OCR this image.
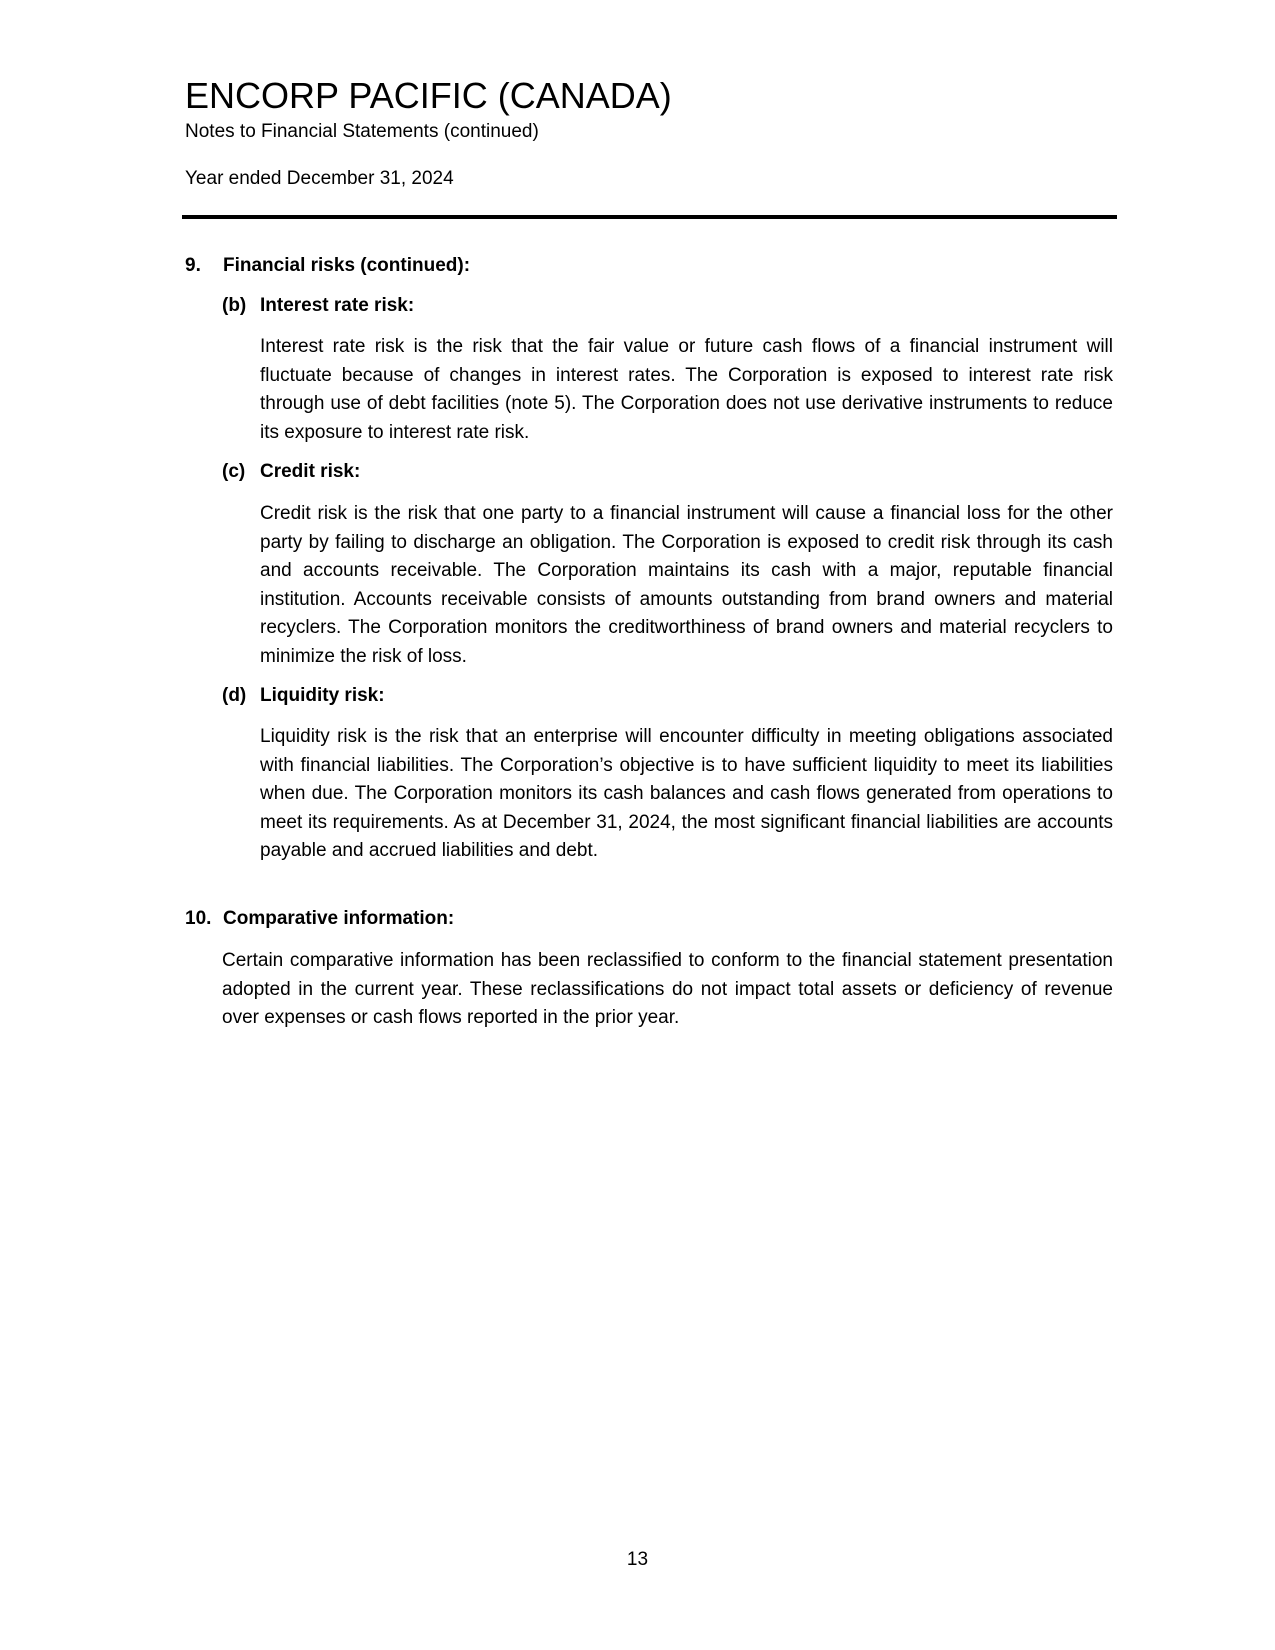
ENCORP PACIFIC (CANADA)

Notes to Financial Statements (continued)

Year ended December 31, 2024

9. Financial risks (continued):
(b) Interest rate risk:

Interest rate risk is the risk that the fair value or future cash flows of a financial instrument will fluctuate because of changes in interest rates. The Corporation is exposed to interest rate risk through use of debt facilities (note 5). The Corporation does not use derivative instruments to reduce its exposure to interest rate risk.

(c) Credit risk:

Credit risk is the risk that one party to a financial instrument will cause a financial loss for the other party by failing to discharge an obligation. The Corporation is exposed to credit risk through its cash and accounts receivable. The Corporation maintains its cash with a major, reputable financial institution. Accounts receivable consists of amounts outstanding from brand owners and material recyclers. The Corporation monitors the creditworthiness of brand owners and material recyclers to minimize the risk of loss.

(d) Liquidity risk:

Liquidity risk is the risk that an enterprise will encounter difficulty in meeting obligations associated with financial liabilities. The Corporation’s objective is to have sufficient liquidity to meet its liabilities when due. The Corporation monitors its cash balances and cash flows generated from operations to meet its requirements. As at December 31, 2024, the most significant financial liabilities are accounts payable and accrued liabilities and debt.

10. Comparative information:

Certain comparative information has been reclassified to conform to the financial statement presentation adopted in the current year. These reclassifications do not impact total assets or deficiency of revenue over expenses or cash flows reported in the prior year.

13
